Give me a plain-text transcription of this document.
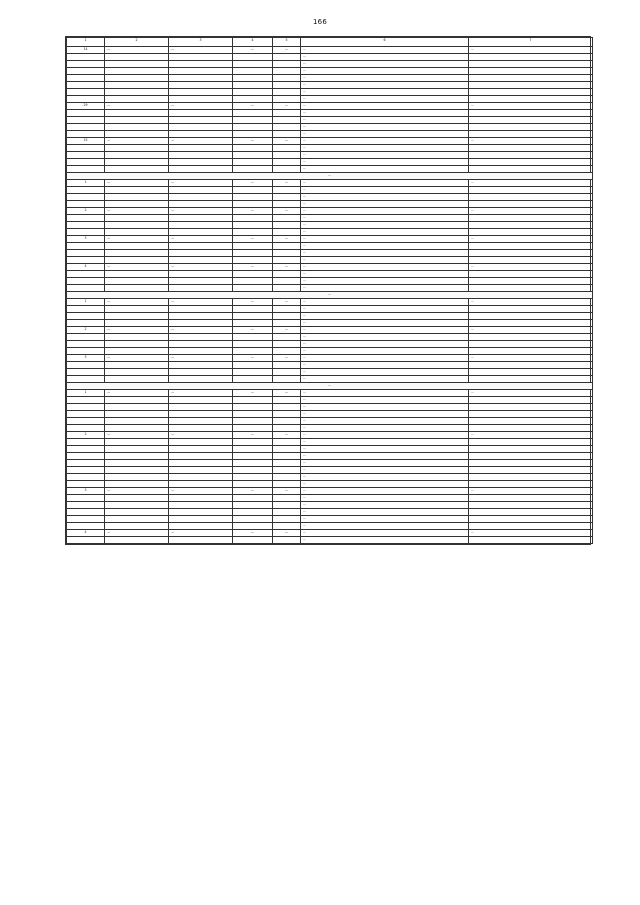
166
1	2	3	4	5	6	7
14	—	—	—	—	…	…
					…	
					…	
					…	
					…	
					…	
					…	
					…	
29	—	—	—	—	…	…
					…	
					…	
					…	
					…	
15	—	—	—	—	…	…
					…	
					…	
					…	
					…	
…						
1	—	—	—	—	…	…
					…	
					…	
					…	
2	—	—	—	—	…	…
					…	
					…	
					…	
3	—	—	—	—	…	…
					…	
					…	
					…	
4	—	—	—	—	…	…
					…	
					…	
					…	
…						
1	—	—	—	—	…	…
					…	
					…	
					…	
2	—	—	—	—	…	…
					…	
					…	
					…	
3	—	—	—	—	…	…
					…	
					…	
					…	
…						
1	—	—	—	—	…	…
					…	
					…	
					…	
					…	
					…	
2	—	—	—	—	…	…
					…	
					…	
					…	
					…	
					…	
					…	
					…	
3	—	—	—	—	…	…
					…	
					…	
					…	
					…	
					…	
4	—	—	—	—	…	…
					…	
